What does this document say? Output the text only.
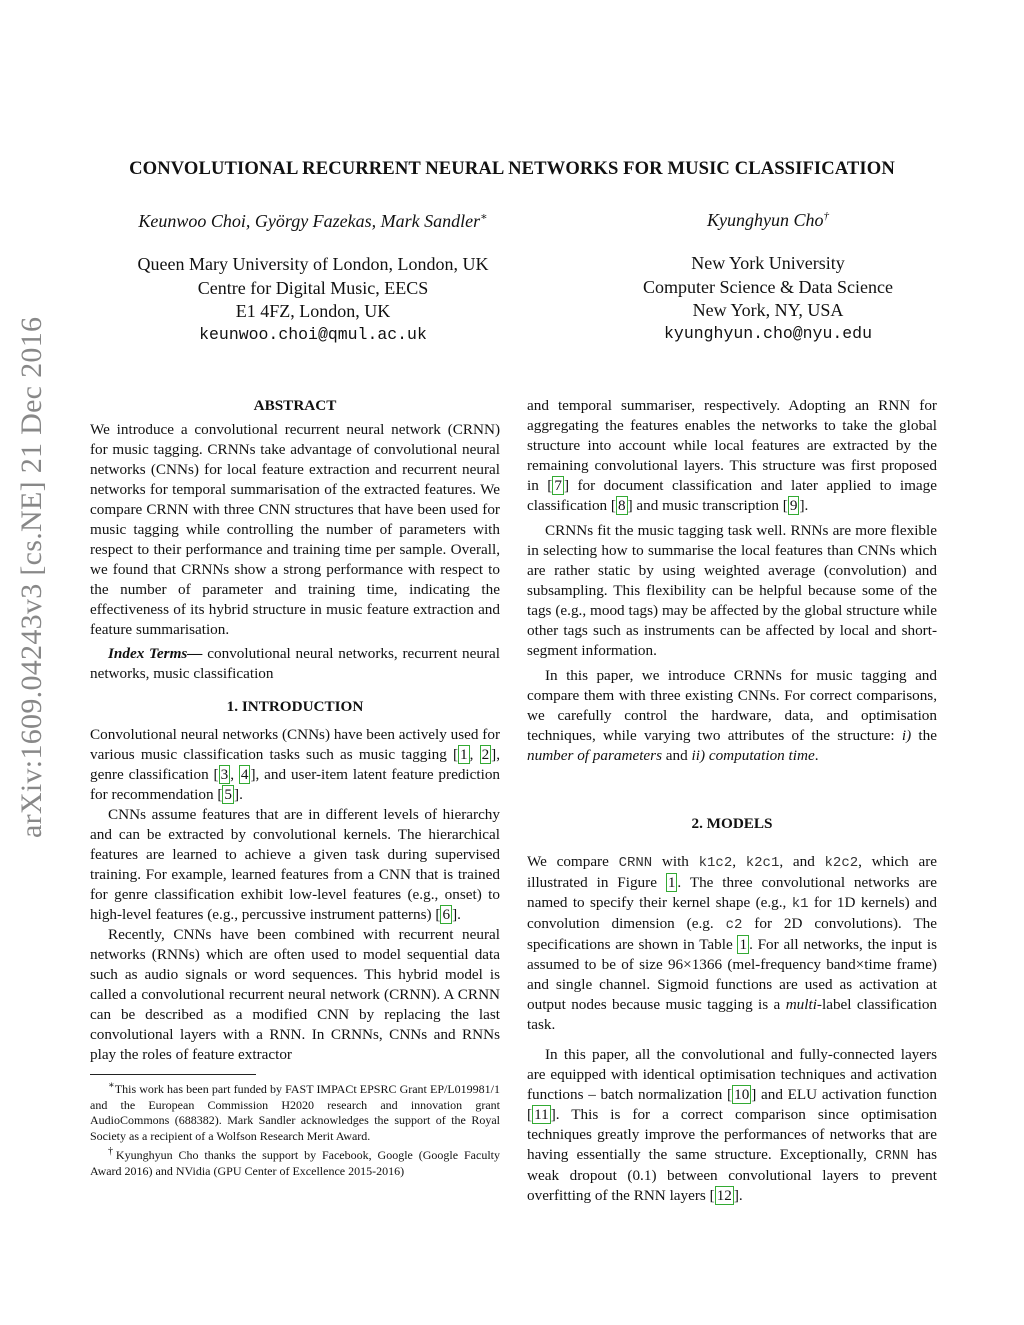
arXiv:1609.04243v3 [cs.NE] 21 Dec 2016
CONVOLUTIONAL RECURRENT NEURAL NETWORKS FOR MUSIC CLASSIFICATION
Keunwoo Choi, György Fazekas, Mark Sandler∗
Queen Mary University of London, London, UK
Centre for Digital Music, EECS
E1 4FZ, London, UK
keunwoo.choi@qmul.ac.uk
Kyunghyun Cho†
New York University
Computer Science & Data Science
New York, NY, USA
kyunghyun.cho@nyu.edu
ABSTRACT

We introduce a convolutional recurrent neural network (CRNN) for music tagging. CRNNs take advantage of convolutional neural networks (CNNs) for local feature extraction and recurrent neural networks for temporal summarisation of the extracted features. We compare CRNN with three CNN structures that have been used for music tagging while controlling the number of parameters with respect to their performance and training time per sample. Overall, we found that CRNNs show a strong performance with respect to the number of parameter and training time, indicating the effectiveness of its hybrid structure in music feature extraction and feature summarisation.

Index Terms— convolutional neural networks, recurrent neural networks, music classification

1. INTRODUCTION

Convolutional neural networks (CNNs) have been actively used for various music classification tasks such as music tagging [ 1 , 2 ], genre classification [ 3 , 4 ], and user-item latent feature prediction for recommendation [ 5 ].

CNNs assume features that are in different levels of hierarchy and can be extracted by convolutional kernels. The hierarchical features are learned to achieve a given task during supervised training. For example, learned features from a CNN that is trained for genre classification exhibit low-level features (e.g., onset) to high-level features (e.g., percussive instrument patterns) [ 6 ].

Recently, CNNs have been combined with recurrent neural networks (RNNs) which are often used to model sequential data such as audio signals or word sequences. This hybrid model is called a convolutional recurrent neural network (CRNN). A CRNN can be described as a modified CNN by replacing the last convolutional layers with a RNN. In CRNNs, CNNs and RNNs play the roles of feature extractor

∗This work has been part funded by FAST IMPACt EPSRC Grant EP/L019981/1 and the European Commission H2020 research and innovation grant AudioCommons (688382). Mark Sandler acknowledges the support of the Royal Society as a recipient of a Wolfson Research Merit Award.
†Kyunghyun Cho thanks the support by Facebook, Google (Google Faculty Award 2016) and NVidia (GPU Center of Excellence 2015-2016)

and temporal summariser, respectively. Adopting an RNN for aggregating the features enables the networks to take the global structure into account while local features are extracted by the remaining convolutional layers. This structure was first proposed in [ 7 ] for document classification and later applied to image classification [ 8 ] and music transcription [ 9 ].

CRNNs fit the music tagging task well. RNNs are more flexible in selecting how to summarise the local features than CNNs which are rather static by using weighted average (convolution) and subsampling. This flexibility can be helpful because some of the tags (e.g., mood tags) may be affected by the global structure while other tags such as instruments can be affected by local and short-segment information.

In this paper, we introduce CRNNs for music tagging and compare them with three existing CNNs. For correct comparisons, we carefully control the hardware, data, and optimisation techniques, while varying two attributes of the structure: i) the number of parameters and ii) computation time.

2. MODELS

We compare CRNN with k1c2, k2c1, and k2c2, which are illustrated in Figure 1 . The three convolutional networks are named to specify their kernel shape (e.g., k1 for 1D kernels) and convolution dimension (e.g. c2 for 2D convolutions). The specifications are shown in Table 1 . For all networks, the input is assumed to be of size 96×1366 (mel-frequency band×time frame) and single channel. Sigmoid functions are used as activation at output nodes because music tagging is a multi-label classification task.

In this paper, all the convolutional and fully-connected layers are equipped with identical optimisation techniques and activation functions – batch normalization [ 10 ] and ELU activation function [ 11 ]. This is for a correct comparison since optimisation techniques greatly improve the performances of networks that are having essentially the same structure. Exceptionally, CRNN has weak dropout (0.1) between convolutional layers to prevent overfitting of the RNN layers [ 12 ].
